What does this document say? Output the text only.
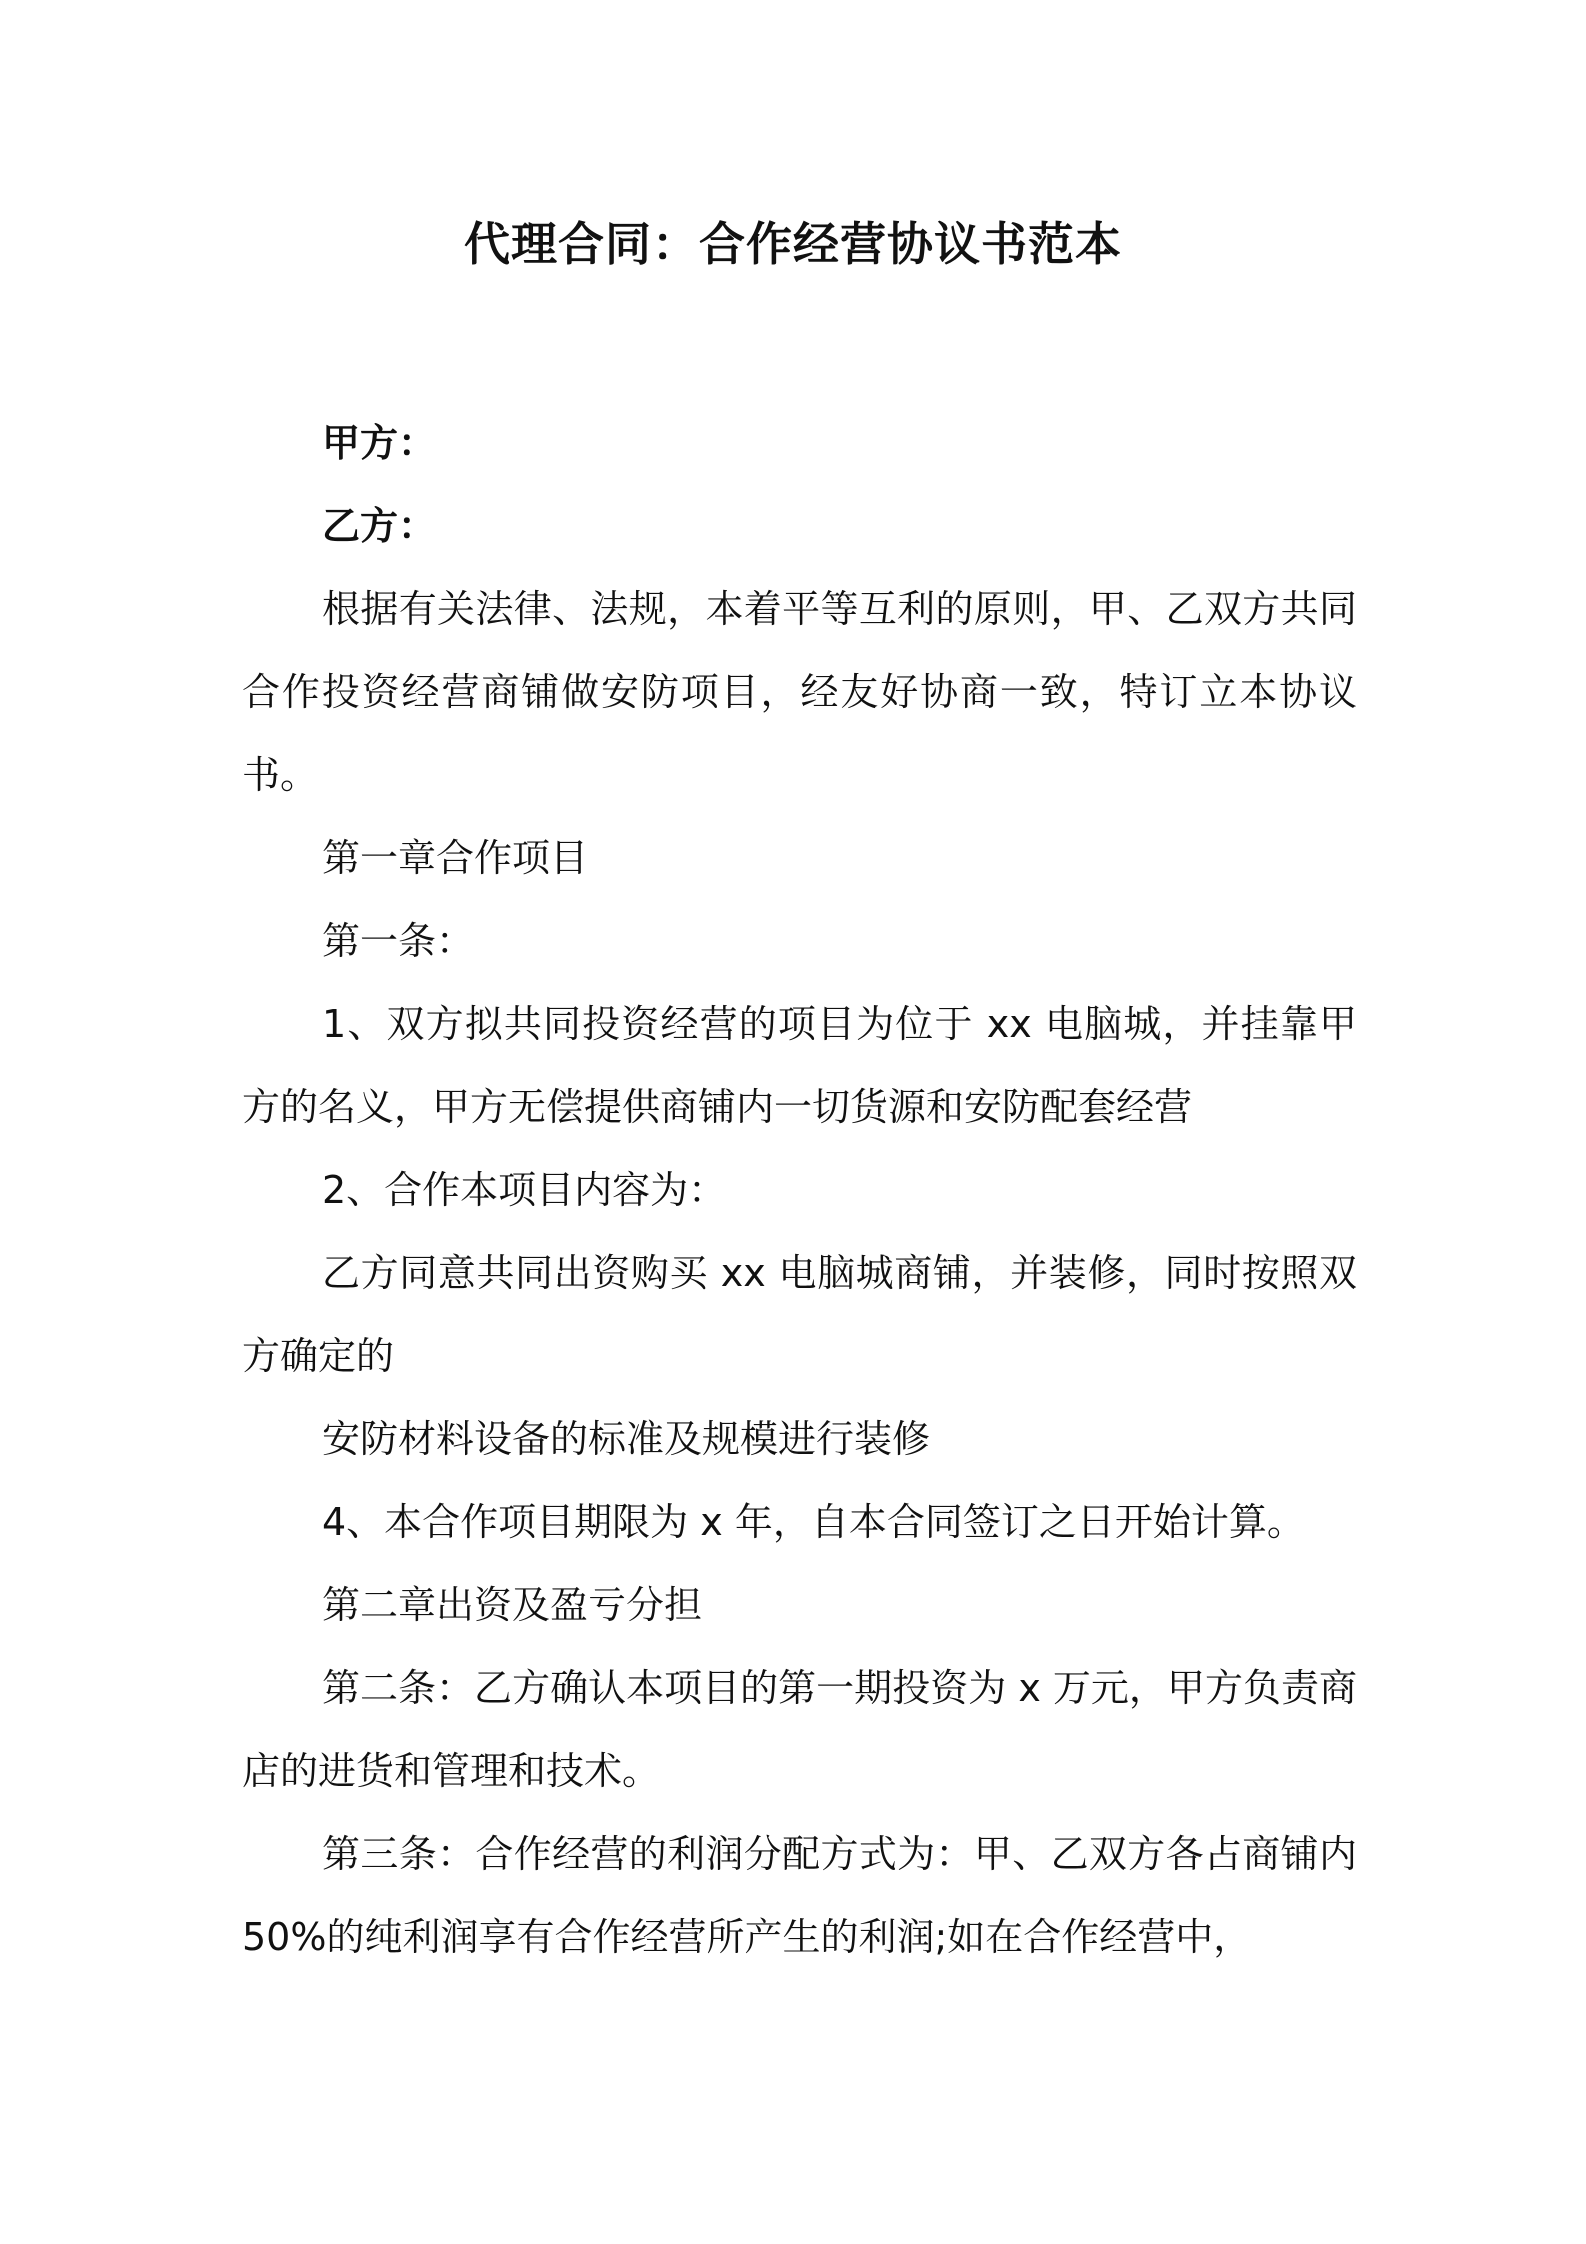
代理合同：合作经营协议书范本

甲方：

乙方：

根据有关法律、法规，本着平等互利的原则，甲、乙双方共同合作投资经营商铺做安防项目，经友好协商一致，特订立本协议书。

第一章合作项目

第一条：

1、双方拟共同投资经营的项目为位于 xx 电脑城，并挂靠甲方的名义，甲方无偿提供商铺内一切货源和安防配套经营

2、合作本项目内容为：

乙方同意共同出资购买 xx 电脑城商铺，并装修，同时按照双方确定的

安防材料设备的标准及规模进行装修

4、本合作项目期限为 x 年，自本合同签订之日开始计算。

第二章出资及盈亏分担

第二条：乙方确认本项目的第一期投资为 x 万元，甲方负责商店的进货和管理和技术。

第三条：合作经营的利润分配方式为：甲、乙双方各占商铺内 50%的纯利润享有合作经营所产生的利润;如在合作经营中，
